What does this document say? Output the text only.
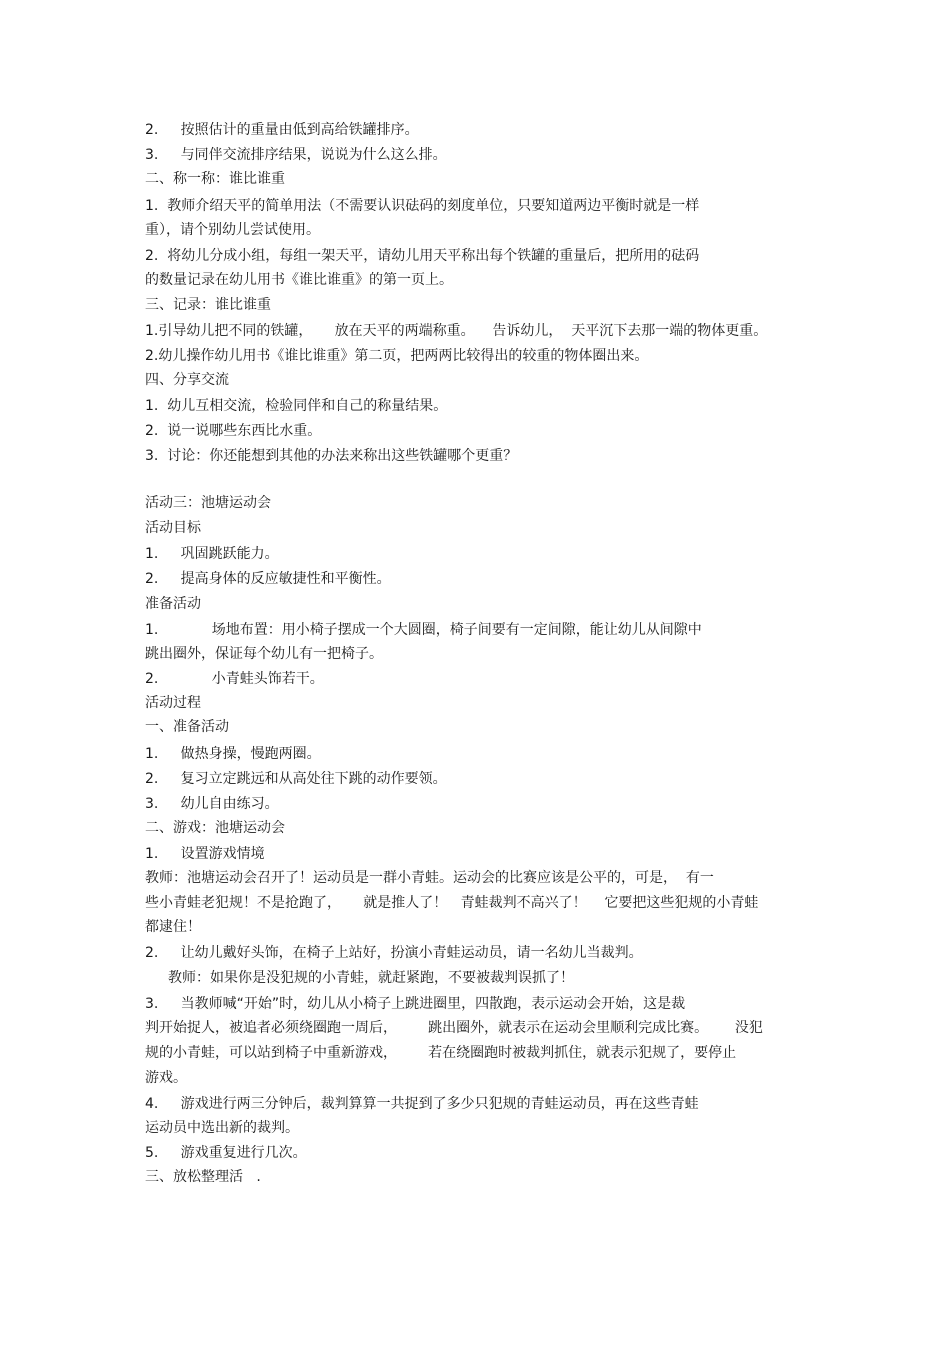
2.     按照估计的重量由低到高给铁罐排序。
3.     与同伴交流排序结果，说说为什么这么排。
二、称一称：谁比谁重
1.  教师介绍天平的简单用法（不需要认识砝码的刻度单位，只要知道两边平衡时就是一样
重），请个别幼儿尝试使用。
2.  将幼儿分成小组，每组一架天平，请幼儿用天平称出每个铁罐的重量后，把所用的砝码
的数量记录在幼儿用书《谁比谁重》的第一页上。
三、记录：谁比谁重
1.引导幼儿把不同的铁罐，     放在天平的两端称重。    告诉幼儿，  天平沉下去那一端的物体更重。
2.幼儿操作幼儿用书《谁比谁重》第二页，把两两比较得出的较重的物体圈出来。
四、分享交流
1.  幼儿互相交流，检验同伴和自己的称量结果。
2.  说一说哪些东西比水重。
3.  讨论：你还能想到其他的办法来称出这些铁罐哪个更重？
活动三：池塘运动会
活动目标
1.     巩固跳跃能力。
2.     提高身体的反应敏捷性和平衡性。
准备活动
1.            场地布置：用小椅子摆成一个大圆圈，椅子间要有一定间隙，能让幼儿从间隙中
跳出圈外，保证每个幼儿有一把椅子。
2.            小青蛙头饰若干。
活动过程
一、准备活动
1.     做热身操，慢跑两圈。
2.     复习立定跳远和从高处往下跳的动作要领。
3.     幼儿自由练习。
二、游戏：池塘运动会
1.     设置游戏情境
教师：池塘运动会召开了！运动员是一群小青蛙。运动会的比赛应该是公平的，可是，  有一
些小青蛙老犯规！不是抢跑了，     就是推人了！   青蛙裁判不高兴了！    它要把这些犯规的小青蛙
都逮住！
2.     让幼儿戴好头饰，在椅子上站好，扮演小青蛙运动员，请一名幼儿当裁判。
教师：如果你是没犯规的小青蛙，就赶紧跑，不要被裁判误抓了！
3.     当教师喊“开始”时，幼儿从小椅子上跳进圈里，四散跑，表示运动会开始，这是裁
判开始捉人，被追者必须绕圈跑一周后，       跳出圈外，就表示在运动会里顺利完成比赛。      没犯
规的小青蛙，可以站到椅子中重新游戏，       若在绕圈跑时被裁判抓住，就表示犯规了，要停止
游戏。
4.     游戏进行两三分钟后，裁判算算一共捉到了多少只犯规的青蛙运动员，再在这些青蛙
运动员中选出新的裁判。
5.     游戏重复进行几次。
三、放松整理活   .
